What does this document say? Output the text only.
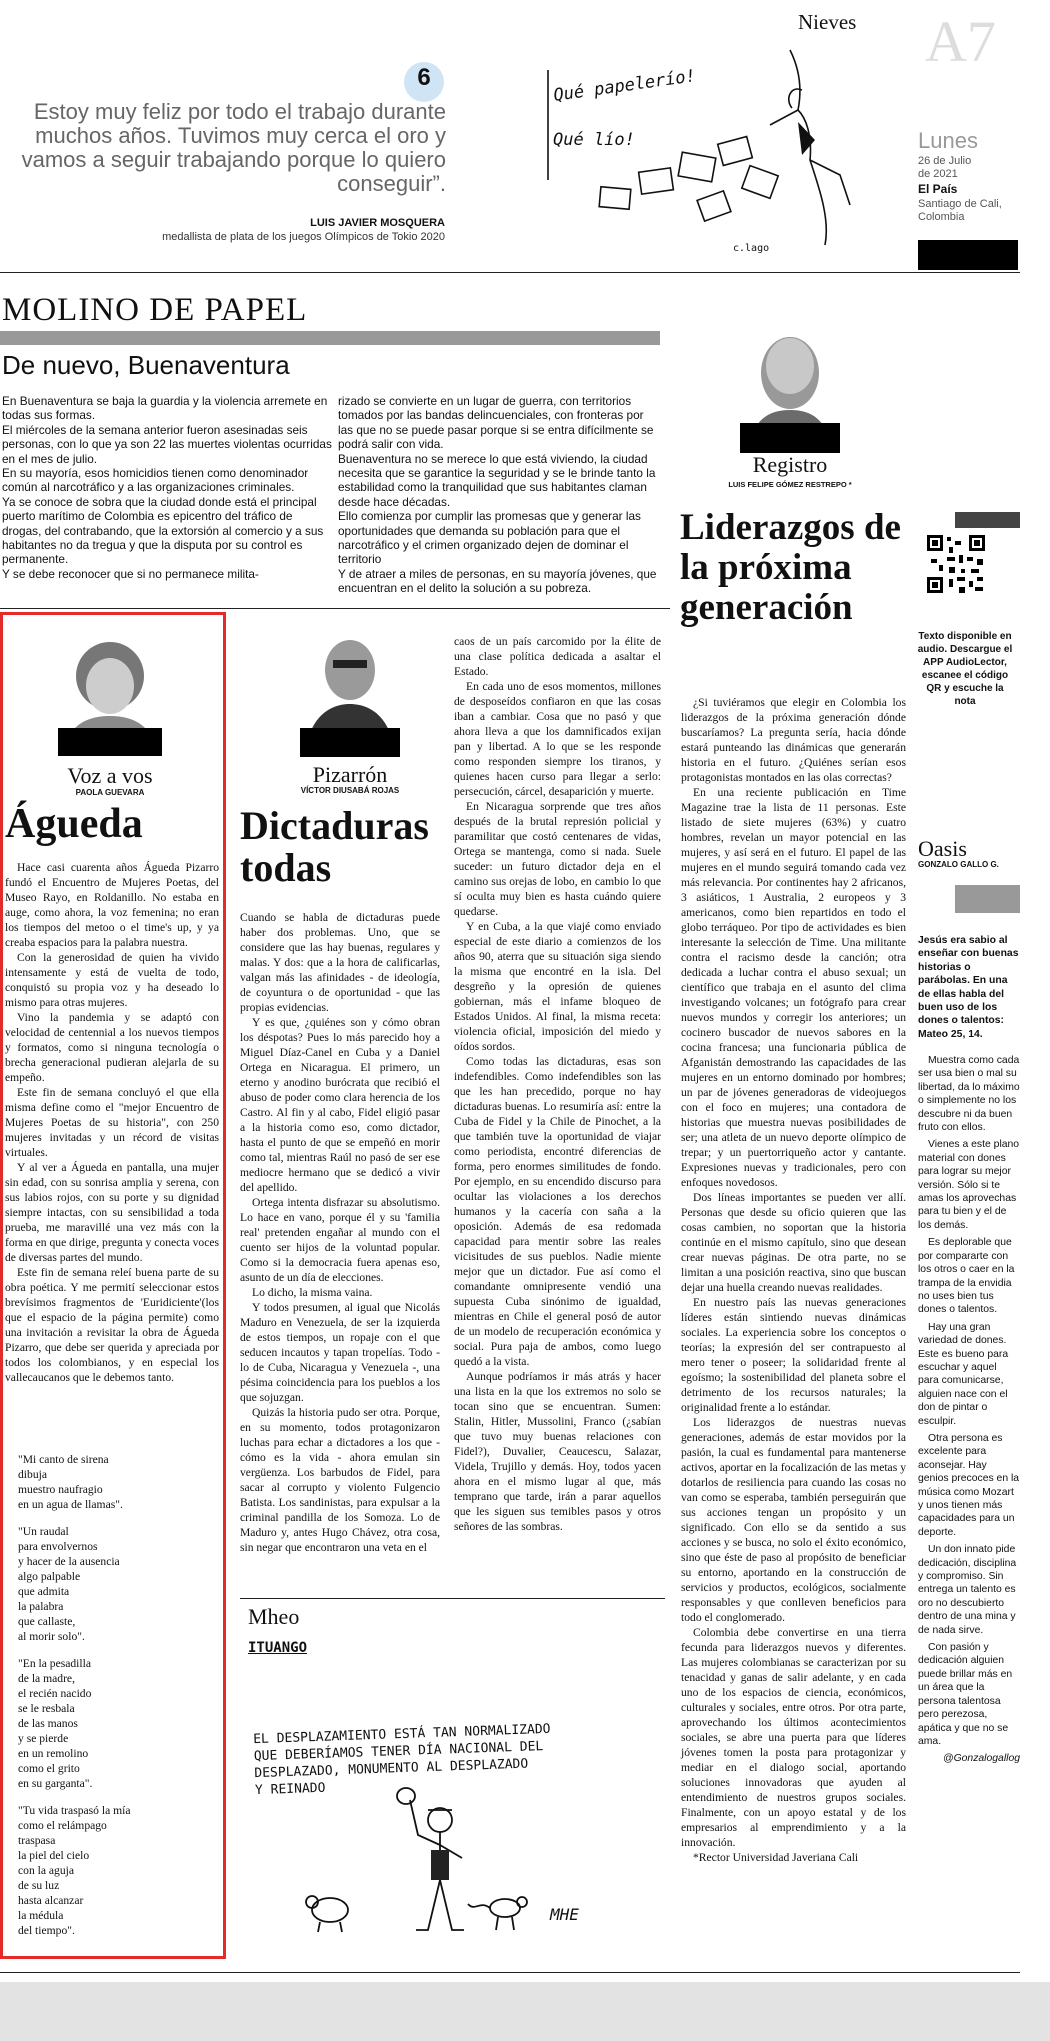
6
Estoy muy feliz por todo el trabajo durante muchos años. Tuvimos muy cerca el oro y vamos a seguir trabajando porque lo quiero conseguir”.
LUIS JAVIER MOSQUERA
medallista de plata de los juegos Olímpicos de Tokio 2020
Nieves
Qué papelerío!
Qué lío!
c.lago
A7
Lunes
26 de Julio
de 2021
El País
Santiago de Cali,
Colombia
MOLINO DE PAPEL
De nuevo, Buenaventura
En Buenaventura se baja la guardia y la violencia arremete en todas sus formas.
El miércoles de la semana anterior fueron asesinadas seis personas, con lo que ya son 22 las muertes violentas ocurridas en el mes de julio.
En su mayoría, esos homicidios tienen como denominador común al narcotráfico y a las organizaciones criminales.
Ya se conoce de sobra que la ciudad donde está el principal puerto marítimo de Colombia es epicentro del tráfico de drogas, del contrabando, que la extorsión al comercio y a sus habitantes no da tregua y que la disputa por su control es permanente.
Y se debe reconocer que si no permanece milita-
rizado se convierte en un lugar de guerra, con territorios tomados por las bandas delincuenciales, con fronteras por las que no se puede pasar porque si se entra difícilmente se podrá salir con vida.
Buenaventura no se merece lo que está viviendo, la ciudad necesita que se garantice la seguridad y se le brinde tanto la estabilidad como la tranquilidad que sus habitantes claman desde hace décadas.
Ello comienza por cumplir las promesas que y generar las oportunidades que demanda su población para que el narcotráfico y el crimen organizado dejen de dominar el territorio
Y de atraer a miles de personas, en su mayoría jóvenes, que encuentran en el delito la solución a su pobreza.
Registro
LUIS FELIPE GÓMEZ RESTREPO *
Liderazgos de la próxima generación

¿Si tuviéramos que elegir en Colombia los liderazgos de la próxima generación dónde buscaríamos? La pregunta sería, hacia dónde estará punteando las dinámicas que generarán historia en el futuro. ¿Quiénes serían esos protagonistas montados en las olas correctas?

En una reciente publicación en Time Magazine trae la lista de 11 personas. Este listado de siete mujeres (63%) y cuatro hombres, revelan un mayor potencial en las mujeres, y así será en el futuro. El papel de las mujeres en el mundo seguirá tomando cada vez más relevancia. Por continentes hay 2 africanos, 3 asiáticos, 1 Australia, 2 europeos y 3 americanos, como bien repartidos en todo el globo terráqueo. Por tipo de actividades es bien interesante la selección de Time. Una militante contra el racismo desde la canción; otra dedicada a luchar contra el abuso sexual; un científico que trabaja en el asunto del clima investigando volcanes; un fotógrafo para crear nuevos mundos y corregir los anteriores; un cocinero buscador de nuevos sabores en la cocina francesa; una funcionaria pública de Afganistán demostrando las capacidades de las mujeres en un entorno dominado por hombres; un par de jóvenes generadoras de videojuegos con el foco en mujeres; una contadora de historias que muestra nuevas posibilidades de ser; una atleta de un nuevo deporte olímpico de trepar; y un puertorriqueño actor y cantante. Expresiones nuevas y tradicionales, pero con enfoques novedosos.

Dos líneas importantes se pueden ver allí. Personas que desde su oficio quieren que las cosas cambien, no soportan que la historia continúe en el mismo capítulo, sino que desean crear nuevas páginas. De otra parte, no se limitan a una posición reactiva, sino que buscan dejar una huella creando nuevas realidades.

En nuestro país las nuevas generaciones líderes están sintiendo nuevas dinámicas sociales. La experiencia sobre los conceptos o teorías; la expresión del ser contrapuesto al mero tener o poseer; la solidaridad frente al egoísmo; la sostenibilidad del planeta sobre el detrimento de los recursos naturales; la originalidad frente a lo estándar.

Los liderazgos de nuestras nuevas generaciones, además de estar movidos por la pasión, la cual es fundamental para mantenerse activos, aportar en la focalización de las metas y dotarlos de resiliencia para cuando las cosas no van como se esperaba, también perseguirán que sus acciones tengan un propósito y un significado. Con ello se da sentido a sus acciones y se busca, no solo el éxito económico, sino que éste de paso al propósito de beneficiar su entorno, aportando en la construcción de servicios y productos, ecológicos, socialmente responsables y que conlleven beneficios para todo el conglomerado.

Colombia debe convertirse en una tierra fecunda para liderazgos nuevos y diferentes. Las mujeres colombianas se caracterizan por su tenacidad y ganas de salir adelante, y en cada uno de los espacios de ciencia, económicos, culturales y sociales, entre otros. Por otra parte, aprovechando los últimos acontecimientos sociales, se abre una puerta para que líderes jóvenes tomen la posta para protagonizar y mediar en el dialogo social, aportando soluciones innovadoras que ayuden al entendimiento de nuestros grupos sociales. Finalmente, con un apoyo estatal y de los empresarios al emprendimiento y a la innovación.

*Rector Universidad Javeriana Cali

Texto disponible en
audio. Descargue el
APP AudioLector,
escanee el código
QR y escuche la
nota
Oasis
GONZALO GALLO G.
Jesús era sabio al enseñar con buenas historias o parábolas. En una de ellas habla del buen uso de los dones o talentos: Mateo 25, 14.
Muestra como cada ser usa bien o mal su libertad, da lo máximo o simplemente no los descubre ni da buen fruto con ellos.
Vienes a este plano material con dones para lograr su mejor versión. Sólo si te amas los aprovechas para tu bien y el de los demás.
Es deplorable que por compararte con los otros o caer en la trampa de la envidia no uses bien tus dones o talentos.
Hay una gran variedad de dones. Este es bueno para escuchar y aquel para comunicarse, alguien nace con el don de pintar o esculpir.
Otra persona es excelente para aconsejar. Hay genios precoces en la música como Mozart y unos tienen más capacidades para un deporte.
Un don innato pide dedicación, disciplina y compromiso. Sin entrega un talento es oro no descubierto dentro de una mina y de nada sirve.
Con pasión y dedicación alguien puede brillar más en un área que la persona talentosa pero perezosa, apática y que no se ama.
@Gonzalogallog
Voz a vos
PAOLA GUEVARA
Águeda

Hace casi cuarenta años Águeda Pizarro fundó el Encuentro de Mujeres Poetas, del Museo Rayo, en Roldanillo. No estaba en auge, como ahora, la voz femenina; no eran los tiempos del metoo o el time's up, y ya creaba espacios para la palabra nuestra.

Con la generosidad de quien ha vivido intensamente y está de vuelta de todo, conquistó su propia voz y ha deseado lo mismo para otras mujeres.

Vino la pandemia y se adaptó con velocidad de centennial a los nuevos tiempos y formatos, como si ninguna tecnología o brecha generacional pudieran alejarla de su empeño.

Este fin de semana concluyó el que ella misma define como el "mejor Encuentro de Mujeres Poetas de su historia", con 250 mujeres invitadas y un récord de visitas virtuales.

Y al ver a Águeda en pantalla, una mujer sin edad, con su sonrisa amplia y serena, con sus labios rojos, con su porte y su dignidad siempre intactas, con su sensibilidad a toda prueba, me maravillé una vez más con la forma en que dirige, pregunta y conecta voces de diversas partes del mundo.

Este fin de semana releí buena parte de su obra poética. Y me permití seleccionar estos brevísimos fragmentos de 'Euridiciente'(los que el espacio de la página permite) como una invitación a revisitar la obra de Águeda Pizarro, que debe ser querida y apreciada por todos los colombianos, y en especial los vallecaucanos que le debemos tanto.

"Mi canto de sirena
dibuja
muestro naufragio
en un agua de llamas".

"Un raudal
para envolvernos
y hacer de la ausencia
algo palpable
que admita
la palabra
que callaste,
al morir solo".

"En la pesadilla
de la madre,
el recién nacido
se le resbala
de las manos
y se pierde
en un remolino
como el grito
en su garganta".

"Tu vida traspasó la mía
como el relámpago
traspasa
la piel del cielo
con la aguja
de su luz
hasta alcanzar
la médula
del tiempo".

Pizarrón
VÍCTOR DIUSABÁ ROJAS
Dictaduras todas

Cuando se habla de dictaduras puede haber dos problemas. Uno, que se considere que las hay buenas, regulares y malas. Y dos: que a la hora de calificarlas, valgan más las afinidades - de ideología, de coyuntura o de oportunidad - que las propias evidencias.

Y es que, ¿quiénes son y cómo obran los déspotas? Pues lo más parecido hoy a Miguel Díaz-Canel en Cuba y a Daniel Ortega en Nicaragua. El primero, un eterno y anodino burócrata que recibió el abuso de poder como clara herencia de los Castro. Al fin y al cabo, Fidel eligió pasar a la historia como eso, como dictador, hasta el punto de que se empeñó en morir como tal, mientras Raúl no pasó de ser ese mediocre hermano que se dedicó a vivir del apellido.

Ortega intenta disfrazar su absolutismo. Lo hace en vano, porque él y su 'familia real' pretenden engañar al mundo con el cuento ser hijos de la voluntad popular. Como si la democracia fuera apenas eso, asunto de un día de elecciones.

Lo dicho, la misma vaina.

Y todos presumen, al igual que Nicolás Maduro en Venezuela, de ser la izquierda de estos tiempos, un ropaje con el que seducen incautos y tapan tropelías. Todo - lo de Cuba, Nicaragua y Venezuela -, una pésima coincidencia para los pueblos a los que sojuzgan.

Quizás la historia pudo ser otra. Porque, en su momento, todos protagonizaron luchas para echar a dictadores a los que - cómo es la vida - ahora emulan sin vergüenza. Los barbudos de Fidel, para sacar al corrupto y violento Fulgencio Batista. Los sandinistas, para expulsar a la criminal pandilla de los Somoza. Lo de Maduro y, antes Hugo Chávez, otra cosa, sin negar que encontraron una veta en el

caos de un país carcomido por la élite de una clase política dedicada a asaltar el Estado.

En cada uno de esos momentos, millones de desposeídos confiaron en que las cosas iban a cambiar. Cosa que no pasó y que ahora lleva a que los damnificados exijan pan y libertad. A lo que se les responde como responden siempre los tiranos, y quienes hacen curso para llegar a serlo: persecución, cárcel, desaparición y muerte.

En Nicaragua sorprende que tres años después de la brutal represión policial y paramilitar que costó centenares de vidas, Ortega se mantenga, como si nada. Suele suceder: un futuro dictador deja en el camino sus orejas de lobo, en cambio lo que sí oculta muy bien es hasta cuándo quiere quedarse.

Y en Cuba, a la que viajé como enviado especial de este diario a comienzos de los años 90, aterra que su situación siga siendo la misma que encontré en la isla. Del desgreño y la opresión de quienes gobiernan, más el infame bloqueo de Estados Unidos. Al final, la misma receta: violencia oficial, imposición del miedo y oídos sordos.

Como todas las dictaduras, esas son indefendibles. Como indefendibles son las que les han precedido, porque no hay dictaduras buenas. Lo resumiría así: entre la Cuba de Fidel y la Chile de Pinochet, a la que también tuve la oportunidad de viajar como periodista, encontré diferencias de forma, pero enormes similitudes de fondo. Por ejemplo, en su encendido discurso para ocultar las violaciones a los derechos humanos y la cacería con saña a la oposición. Además de esa redomada capacidad para mentir sobre las reales vicisitudes de sus pueblos. Nadie miente mejor que un dictador. Fue así como el comandante omnipresente vendió una supuesta Cuba sinónimo de igualdad, mientras en Chile el general posó de autor de un modelo de recuperación económica y social. Pura paja de ambos, como luego quedó a la vista.

Aunque podríamos ir más atrás y hacer una lista en la que los extremos no solo se tocan sino que se encuentran. Sumen: Stalin, Hitler, Mussolini, Franco (¿sabían que tuvo muy buenas relaciones con Fidel?), Duvalier, Ceaucescu, Salazar, Videla, Trujillo y demás. Hoy, todos yacen ahora en el mismo lugar al que, más temprano que tarde, irán a parar aquellos que les siguen sus temibles pasos y otros señores de las sombras.

Mheo
ITUANGO
EL DESPLAZAMIENTO ESTÁ TAN NORMALIZADO
QUE DEBERÍAMOS TENER DÍA NACIONAL DEL
DESPLAZADO, MONUMENTO AL DESPLAZADO
Y REINADO
MHE
